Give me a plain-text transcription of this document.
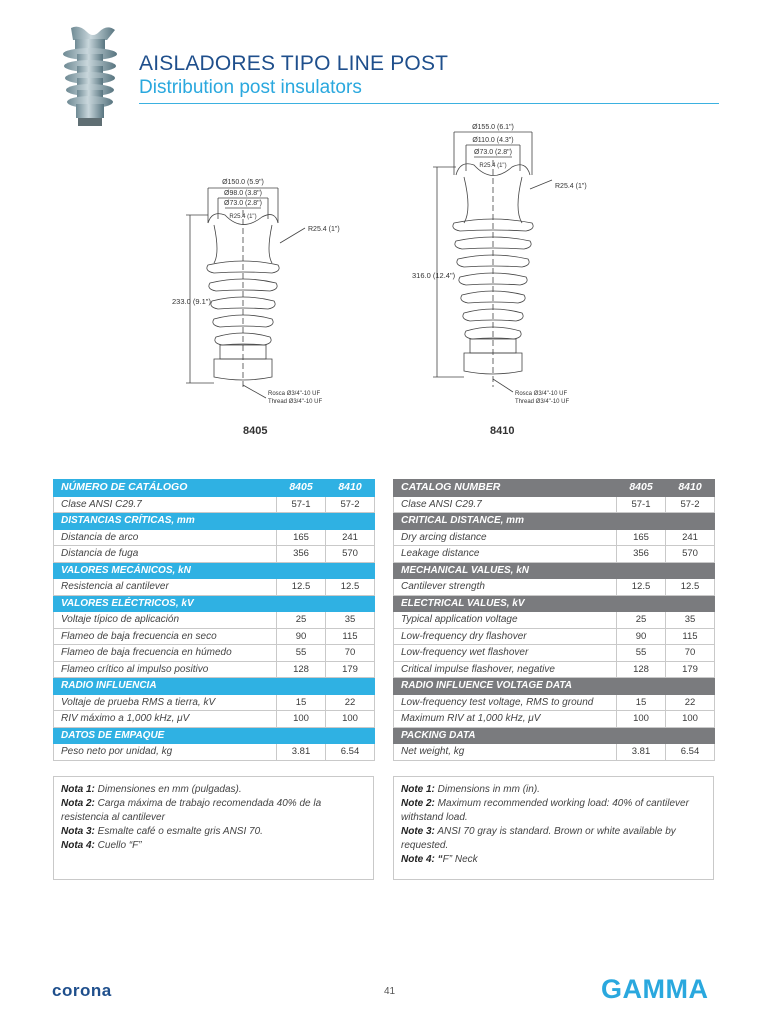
AISLADORES TIPO LINE POST
Distribution post insulators
Ø150.0 (5.9")
Ø98.0 (3.8")
Ø73.0 (2.8")
R25.4 (1")
R25.4 (1")
233.0 (9.1")
Rosca Ø3/4"-10 UF
Thread Ø3/4"-10 UF
Ø155.0 (6.1")
Ø110.0 (4.3")
Ø73.0 (2.8")
R25.4 (1")
R25.4 (1")
316.0 (12.4")
Rosca Ø3/4"-10 UF
Thread Ø3/4"-10 UF
8405	8410
NÚMERO DE CATÁLOGO	8405	8410
Clase ANSI C29.7	57-1	57-2
DISTANCIAS CRÍTICAS, mm		
Distancia de arco	165	241
Distancia de fuga	356	570
VALORES MECÁNICOS, kN		
Resistencia al cantilever	12.5	12.5
VALORES ELÉCTRICOS, kV		
Voltaje típico de aplicación	25	35
Flameo de baja frecuencia en seco	90	115
Flameo de baja frecuencia en húmedo	55	70
Flameo crítico al impulso positivo	128	179
RADIO INFLUENCIA		
Voltaje de prueba RMS a tierra, kV	15	22
RIV máximo a 1,000 kHz, μV	100	100
DATOS DE EMPAQUE		
Peso neto por unidad, kg	3.81	6.54
CATALOG NUMBER	8405	8410
Clase ANSI C29.7	57-1	57-2
CRITICAL DISTANCE, mm		
Dry arcing distance	165	241
Leakage distance	356	570
MECHANICAL VALUES, kN		
Cantilever strength	12.5	12.5
ELECTRICAL VALUES, kV		
Typical application voltage	25	35
Low-frequency dry flashover	90	115
Low-frequency wet flashover	55	70
Critical impulse flashover, negative	128	179
RADIO INFLUENCE VOLTAGE DATA		
Low-frequency test voltage, RMS to ground	15	22
Maximum RIV at 1,000 kHz, μV	100	100
PACKING DATA		
Net weight, kg	3.81	6.54
Nota 1: Dimensiones en mm (pulgadas).
Nota 2: Carga máxima de trabajo recomendada 40% de la resistencia al cantilever
Nota 3: Esmalte café o esmalte gris ANSI 70.
Nota 4: Cuello “F”
Note 1: Dimensions in mm (in).
Note 2: Maximum recommended working load: 40% of cantilever withstand load.
Note 3: ANSI 70 gray is standard. Brown or white available by requested.
Note 4: “F” Neck
corona	41	GAMMA
